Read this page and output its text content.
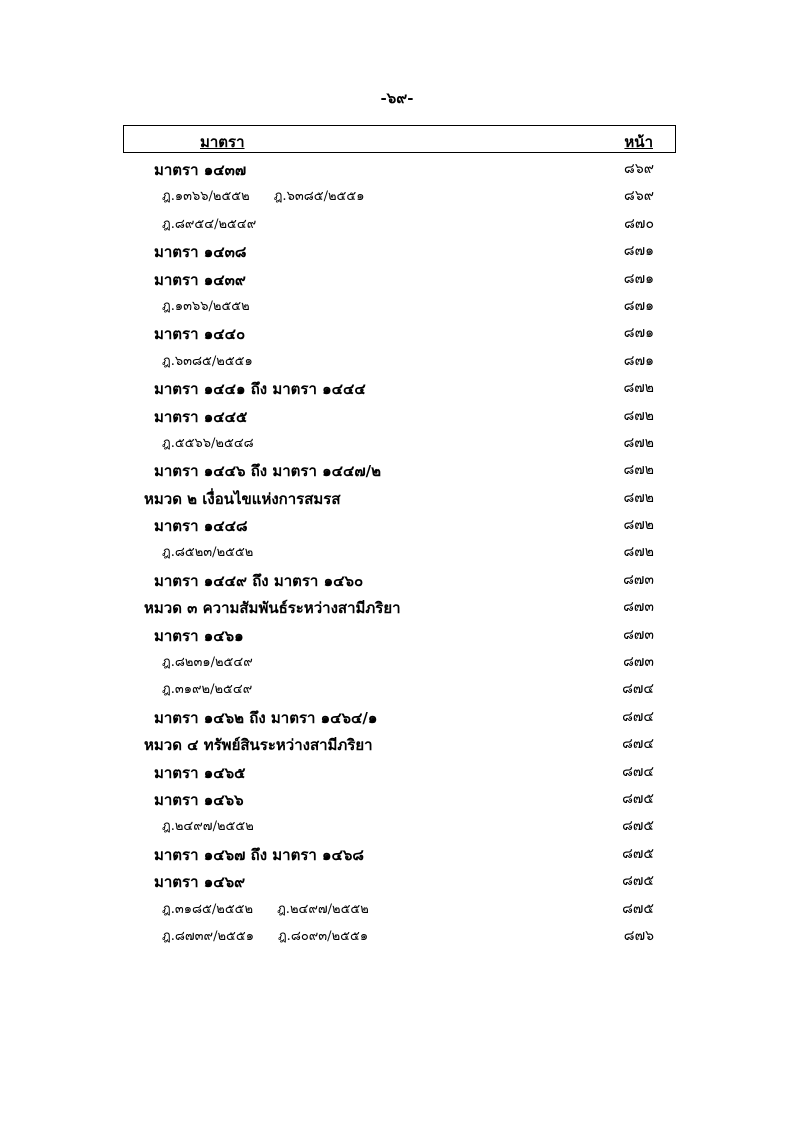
-๖๙-
มาตรา	หน้า
มาตรา ๑๔๓๗	๘๖๙
ฎ.๑๓๖๖/๒๕๕๒ ฎ.๖๓๘๕/๒๕๕๑	๘๖๙
ฎ.๘๙๕๔/๒๕๔๙	๘๗๐
มาตรา ๑๔๓๘	๘๗๑
มาตรา ๑๔๓๙	๘๗๑
ฎ.๑๓๖๖/๒๕๕๒	๘๗๑
มาตรา ๑๔๔๐	๘๗๑
ฎ.๖๓๘๕/๒๕๕๑	๘๗๑
มาตรา ๑๔๔๑ ถึง มาตรา ๑๔๔๔	๘๗๒
มาตรา ๑๔๔๕	๘๗๒
ฎ.๕๕๖๖/๒๕๔๘	๘๗๒
มาตรา ๑๔๔๖ ถึง มาตรา ๑๔๔๗/๒	๘๗๒
หมวด ๒ เงื่อนไขแห่งการสมรส	๘๗๒
มาตรา ๑๔๔๘	๘๗๒
ฎ.๘๕๒๓/๒๕๕๒	๘๗๒
มาตรา ๑๔๔๙ ถึง มาตรา ๑๔๖๐	๘๗๓
หมวด ๓ ความสัมพันธ์ระหว่างสามีภริยา	๘๗๓
มาตรา ๑๔๖๑	๘๗๓
ฎ.๘๒๓๑/๒๕๔๙	๘๗๓
ฎ.๓๑๙๒/๒๕๔๙	๘๗๔
มาตรา ๑๔๖๒ ถึง มาตรา ๑๔๖๔/๑	๘๗๔
หมวด ๔ ทรัพย์สินระหว่างสามีภริยา	๘๗๔
มาตรา ๑๔๖๕	๘๗๔
มาตรา ๑๔๖๖	๘๗๕
ฎ.๒๔๙๗/๒๕๕๒	๘๗๕
มาตรา ๑๔๖๗ ถึง มาตรา ๑๔๖๘	๘๗๕
มาตรา ๑๔๖๙	๘๗๕
ฎ.๓๑๘๕/๒๕๕๒ ฎ.๒๔๙๗/๒๕๕๒	๘๗๕
ฎ.๘๗๓๙/๒๕๕๑ ฎ.๘๐๙๓/๒๕๕๑	๘๗๖
